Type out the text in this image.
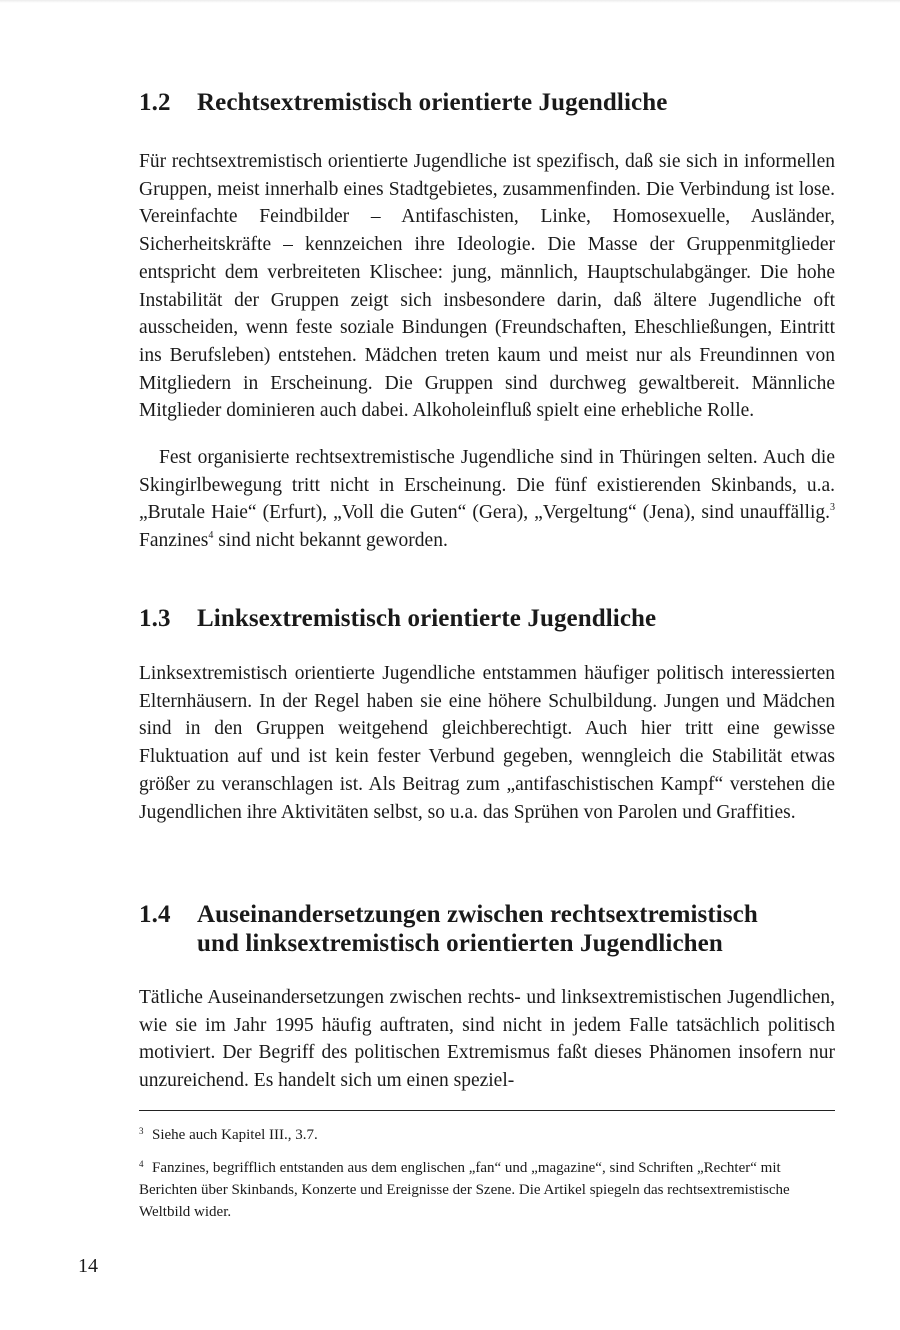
1.2 Rechtsextremistisch orientierte Jugendliche

Für rechtsextremistisch orientierte Jugendliche ist spezifisch, daß sie sich in informellen Gruppen, meist innerhalb eines Stadtgebietes, zusammenfinden. Die Verbindung ist lose. Vereinfachte Feindbilder – Antifaschisten, Linke, Homosexuelle, Ausländer, Sicherheitskräfte – kennzeichen ihre Ideologie. Die Masse der Gruppenmitglieder entspricht dem verbreiteten Klischee: jung, männlich, Hauptschulabgänger. Die hohe Instabilität der Gruppen zeigt sich insbesondere darin, daß ältere Jugendliche oft ausscheiden, wenn feste soziale Bindungen (Freundschaften, Eheschließungen, Eintritt ins Berufsleben) entstehen. Mädchen treten kaum und meist nur als Freundinnen von Mitgliedern in Erscheinung. Die Gruppen sind durchweg gewaltbereit. Männliche Mitglieder dominieren auch dabei. Alkoholeinfluß spielt eine erhebliche Rolle.

Fest organisierte rechtsextremistische Jugendliche sind in Thüringen selten. Auch die Skingirlbewegung tritt nicht in Erscheinung. Die fünf existierenden Skinbands, u.a. „Brutale Haie“ (Erfurt), „Voll die Guten“ (Gera), „Vergeltung“ (Jena), sind unauffällig.$^3$ Fanzines$^4$ sind nicht bekannt geworden.

1.3 Linksextremistisch orientierte Jugendliche

Linksextremistisch orientierte Jugendliche entstammen häufiger politisch interessierten Elternhäusern. In der Regel haben sie eine höhere Schulbildung. Jungen und Mädchen sind in den Gruppen weitgehend gleichberechtigt. Auch hier tritt eine gewisse Fluktuation auf und ist kein fester Verbund gegeben, wenngleich die Stabilität etwas größer zu veranschlagen ist. Als Beitrag zum „antifaschistischen Kampf“ verstehen die Jugendlichen ihre Aktivitäten selbst, so u.a. das Sprühen von Parolen und Graffities.

1.4 Auseinandersetzungen zwischen rechtsextremistisch
und linksextremistisch orientierten Jugendlichen

Tätliche Auseinandersetzungen zwischen rechts- und linksextremistischen Jugendlichen, wie sie im Jahr 1995 häufig auftraten, sind nicht in jedem Falle tatsächlich politisch motiviert. Der Begriff des politischen Extremismus faßt dieses Phänomen insofern nur unzureichend. Es handelt sich um einen speziel-

3 Siehe auch Kapitel III., 3.7.

4 Fanzines, begrifflich entstanden aus dem englischen „fan“ und „magazine“, sind Schriften „Rechter“ mit Berichten über Skinbands, Konzerte und Ereignisse der Szene. Die Artikel spiegeln das rechtsextremistische Weltbild wider.

14
